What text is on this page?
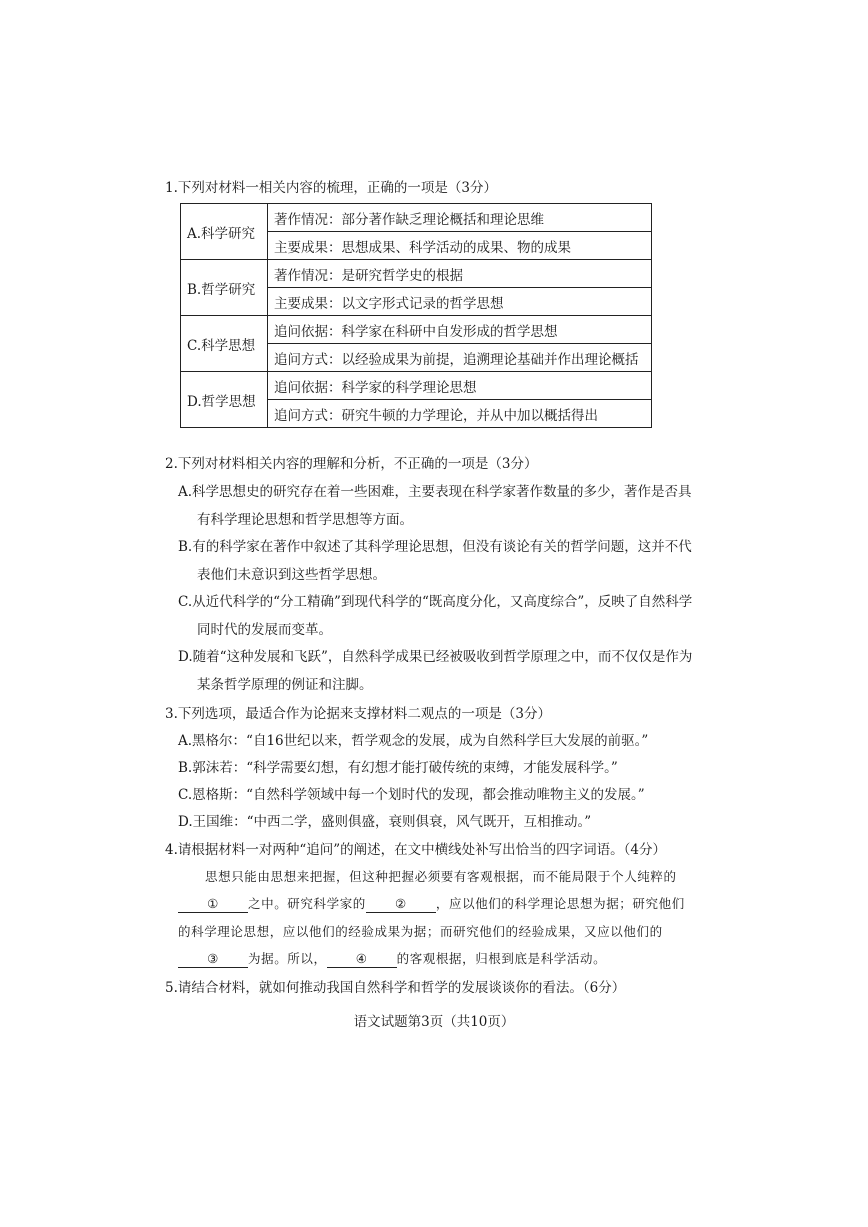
1.下列对材料一相关内容的梳理，正确的一项是（3分）
A.科学研究	著作情况：部分著作缺乏理论概括和理论思维
	主要成果：思想成果、科学活动的成果、物的成果
B.哲学研究	著作情况：是研究哲学史的根据
	主要成果：以文字形式记录的哲学思想
C.科学思想	追问依据：科学家在科研中自发形成的哲学思想
	追问方式：以经验成果为前提，追溯理论基础并作出理论概括
D.哲学思想	追问依据：科学家的科学理论思想
	追问方式：研究牛顿的力学理论，并从中加以概括得出
2.下列对材料相关内容的理解和分析，不正确的一项是（3分）
A.科学思想史的研究存在着一些困难，主要表现在科学家著作数量的多少，著作是否具
有科学理论思想和哲学思想等方面。
B.有的科学家在著作中叙述了其科学理论思想，但没有谈论有关的哲学问题，这并不代
表他们未意识到这些哲学思想。
C.从近代科学的“分工精确”到现代科学的“既高度分化，又高度综合”，反映了自然科学
同时代的发展而变革。
D.随着“这种发展和飞跃”，自然科学成果已经被吸收到哲学原理之中，而不仅仅是作为
某条哲学原理的例证和注脚。
3.下列选项，最适合作为论据来支撑材料二观点的一项是（3分）
A.黑格尔：“自16世纪以来，哲学观念的发展，成为自然科学巨大发展的前驱。”
B.郭沫若：“科学需要幻想，有幻想才能打破传统的束缚，才能发展科学。”
C.恩格斯：“自然科学领域中每一个划时代的发现，都会推动唯物主义的发展。”
D.王国维：“中西二学，盛则俱盛，衰则俱衰，风气既开，互相推动。”
4.请根据材料一对两种“追问”的阐述，在文中横线处补写出恰当的四字词语。（4分）
思想只能由思想来把握，但这种把握必须要有客观根据，而不能局限于个人纯粹的
① 之中。研究科学家的 ② ，应以他们的科学理论思想为据；研究他们
的科学理论思想，应以他们的经验成果为据；而研究他们的经验成果，又应以他们的
③ 为据。所以， ④ 的客观根据，归根到底是科学活动。
5.请结合材料，就如何推动我国自然科学和哲学的发展谈谈你的看法。（6分）
语文试题第3页（共10页）
